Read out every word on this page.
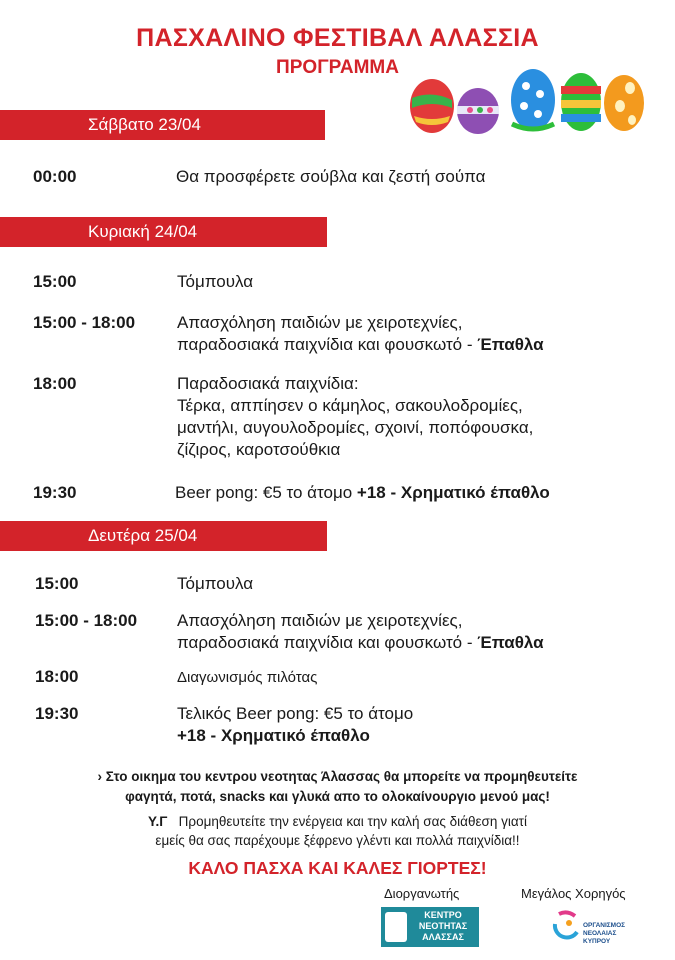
ΠΑΣΧΑΛΙΝΟ ΦΕΣΤΙΒΑΛ ΑΛΑΣΣΙΑ
ΠΡΟΓΡΑΜΜΑ
Σάββατο 23/04
00:00	Θα προσφέρετε σούβλα και ζεστή σούπα
Κυριακή 24/04
15:00	Τόμπουλα
15:00 - 18:00 Απασχόληση παιδιών με χειροτεχνίες,
παραδοσιακά παιχνίδια και φουσκωτό - Έπαθλα
18:00	Παραδοσιακά παιχνίδια:
Τέρκα, αππίησεν ο κάμηλος, σακουλοδρομίες,
μαντήλι, αυγουλοδρομίες, σχοινί, ποπόφουσκα,
ζίζιρος, καροτσούθκια
19:30	Beer pong: €5 το άτομο +18 - Χρηματικό έπαθλο
Δευτέρα 25/04
15:00	Τόμπουλα
15:00 - 18:00 Απασχόληση παιδιών με χειροτεχνίες,
παραδοσιακά παιχνίδια και φουσκωτό - Έπαθλα
18:00	Διαγωνισμός πιλότας
19:30	Τελικός Beer pong: €5 το άτομο
+18 - Χρηματικό έπαθλο
› Στο οικημα του κεντρου νεοτητας Άλασσας θα μπορείτε να προμηθευτείτε
φαγητά, ποτά, snacks και γλυκά απο το ολοκαίνουργιο μενού μας!
Υ.Γ Προμηθευτείτε την ενέργεια και την καλή σας διάθεση γιατί
εμείς θα σας παρέχουμε ξέφρενο γλέντι και πολλά παιχνίδια!!
ΚΑΛΟ ΠΑΣΧΑ ΚΑΙ ΚΑΛΕΣ ΓΙΟΡΤΕΣ!
Διοργανωτής	Μεγάλος Χορηγός
ΚΕΝΤΡΟ
ΝΕΟΤΗΤΑΣ
ΑΛΑΣΣΑΣ
ΟΡΓΑΝΙΣΜΟΣ
ΝΕΟΛΑΙΑΣ
ΚΥΠΡΟΥ
